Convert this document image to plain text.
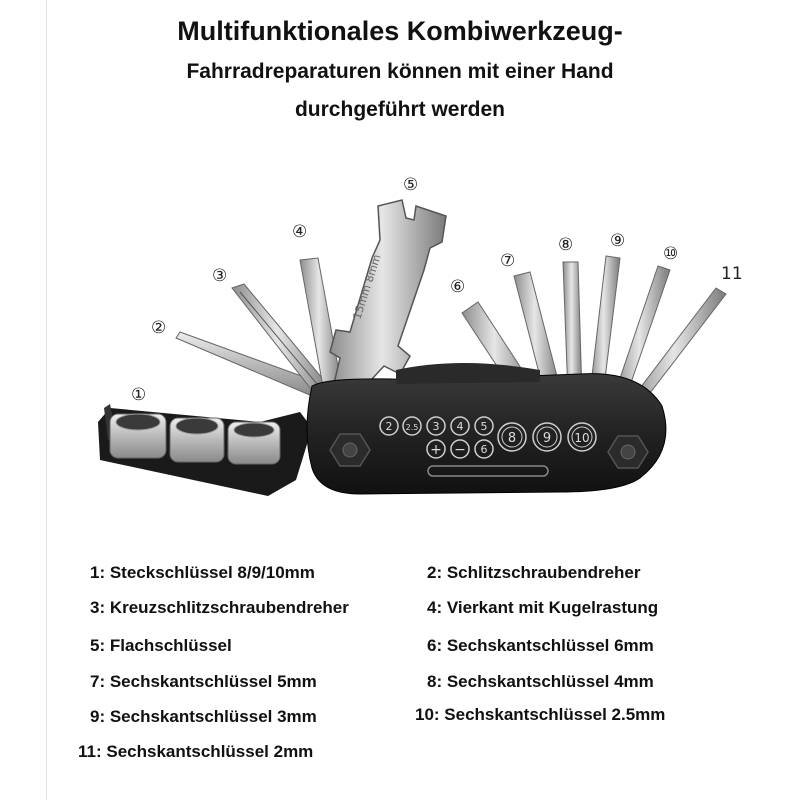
Multifunktionales Kombiwerkzeug-
Fahrradreparaturen können mit einer Hand
durchgeführt werden
15mm 8mm
2 2.5 3 4 5
+ − 6
8 9 10
①
②
③
④
⑤
⑥
⑦
⑧ ⑨
⑩
11
1: Steckschlüssel 8/9/10mm
3: Kreuzschlitzschraubendreher
5: Flachschlüssel
7: Sechskantschlüssel 5mm
9: Sechskantschlüssel 3mm
11: Sechskantschlüssel 2mm
2: Schlitzschraubendreher
4: Vierkant mit Kugelrastung
6: Sechskantschlüssel 6mm
8: Sechskantschlüssel 4mm
10: Sechskantschlüssel 2.5mm
